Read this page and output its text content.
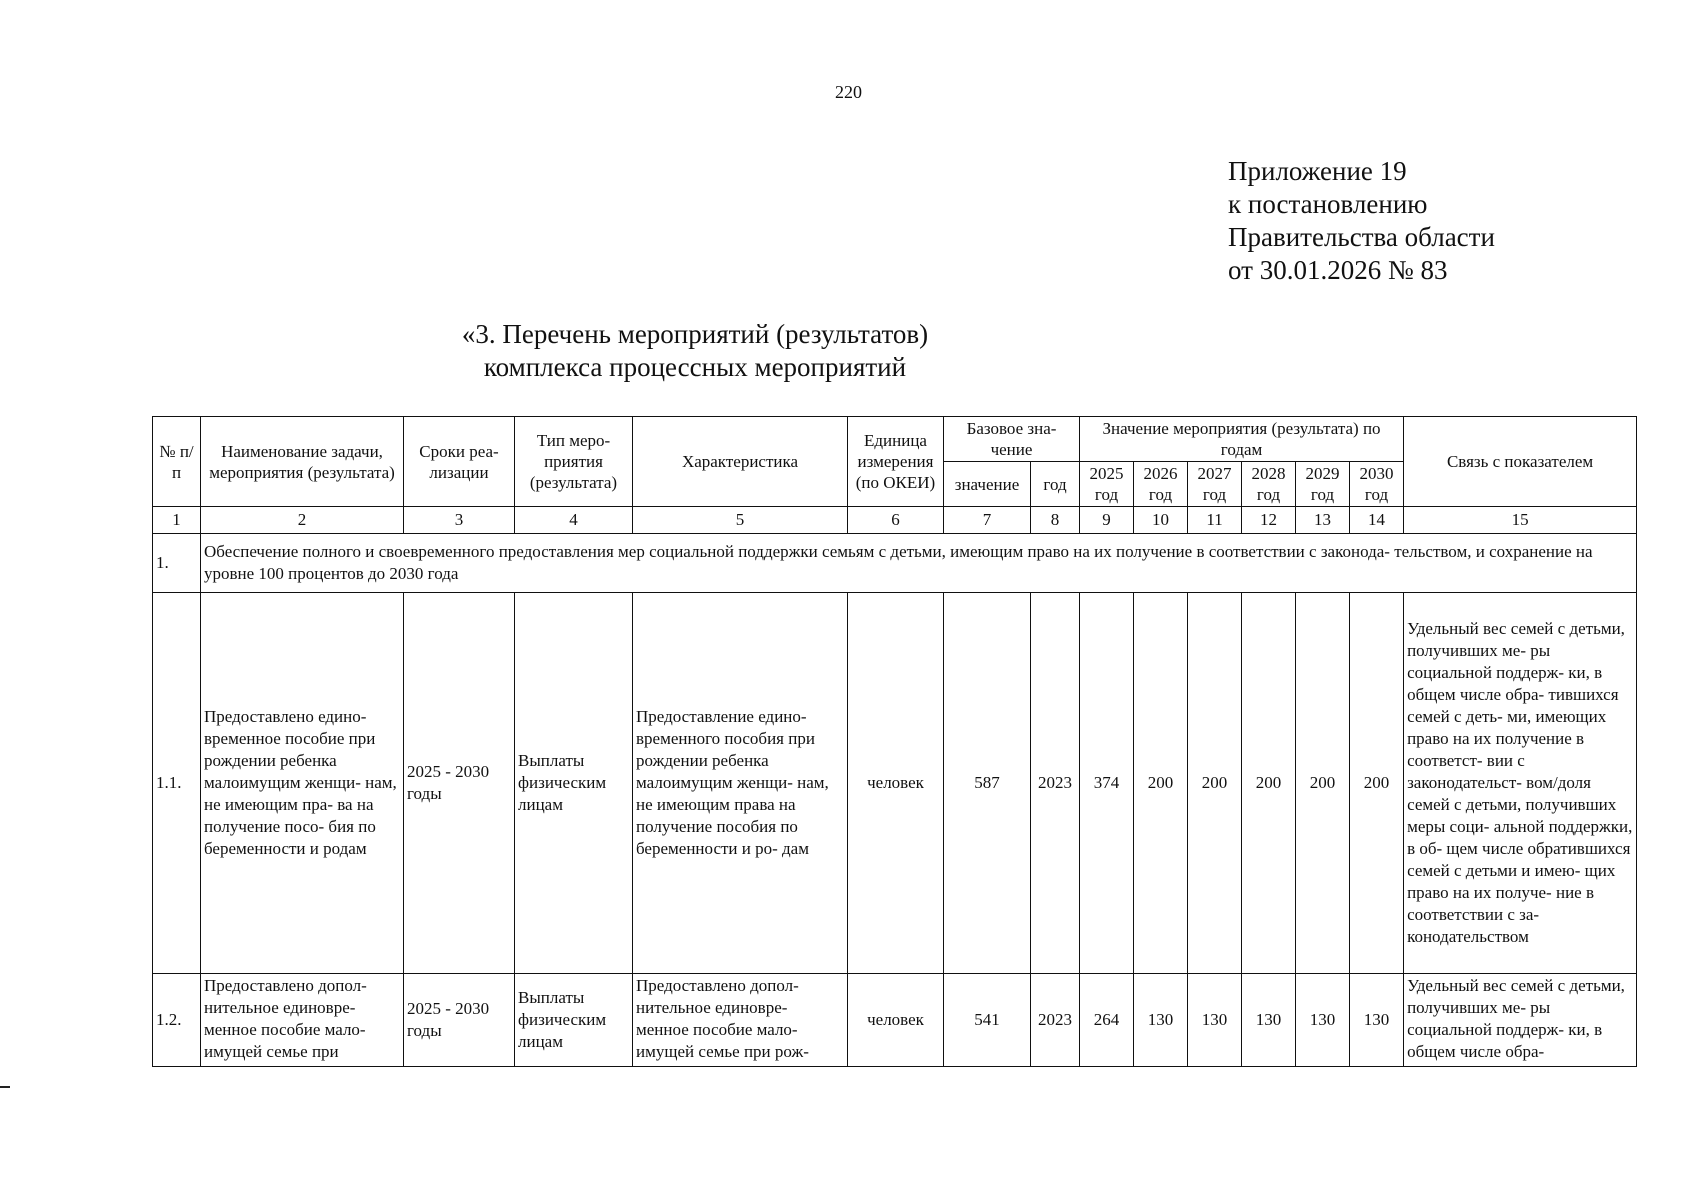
220
Приложение 19
к постановлению
Правительства области
от 30.01.2026 № 83
«3. Перечень мероприятий (результатов)
комплекса процессных мероприятий
№ п/п	Наименование задачи, мероприятия (результата)	Сроки реа- лизации	Тип меро- приятия (результата)	Характеристика	Единица измерения (по ОКЕИ)	Базовое зна- чение		Значение мероприятия (результата) по годам						Связь с показателем
						значение	год	2025 год	2026 год	2027 год	2028 год	2029 год	2030 год	
1	2	3	4	5	6	7	8	9	10	11	12	13	14	15
1.	Обеспечение полного и своевременного предоставления мер социальной поддержки семьям с детьми, имеющим право на их получение в соответствии с законода- тельством, и сохранение на уровне 100 процентов до 2030 года													
1.1.	Предоставлено едино- временное пособие при рождении ребенка малоимущим женщи- нам, не имеющим пра- ва на получение посо- бия по беременности и родам	2025 - 2030 годы	Выплаты физическим лицам	Предоставление едино- временного пособия при рождении ребенка малоимущим женщи- нам, не имеющим права на получение пособия по беременности и ро- дам	человек	587	2023	374	200	200	200	200	200	Удельный вес семей с детьми, получивших ме- ры социальной поддерж- ки, в общем числе обра- тившихся семей с деть- ми, имеющих право на их получение в соответст- вии с законодательст- вом/доля семей с детьми, получивших меры соци- альной поддержки, в об- щем числе обратившихся семей с детьми и имею- щих право на их получе- ние в соответствии с за- конодательством
1.2.	Предоставлено допол- нительное единовре- менное пособие мало- имущей семье при	2025 - 2030 годы	Выплаты физическим лицам	Предоставлено допол- нительное единовре- менное пособие мало- имущей семье при рож-	человек	541	2023	264	130	130	130	130	130	Удельный вес семей с детьми, получивших ме- ры социальной поддерж- ки, в общем числе обра-
